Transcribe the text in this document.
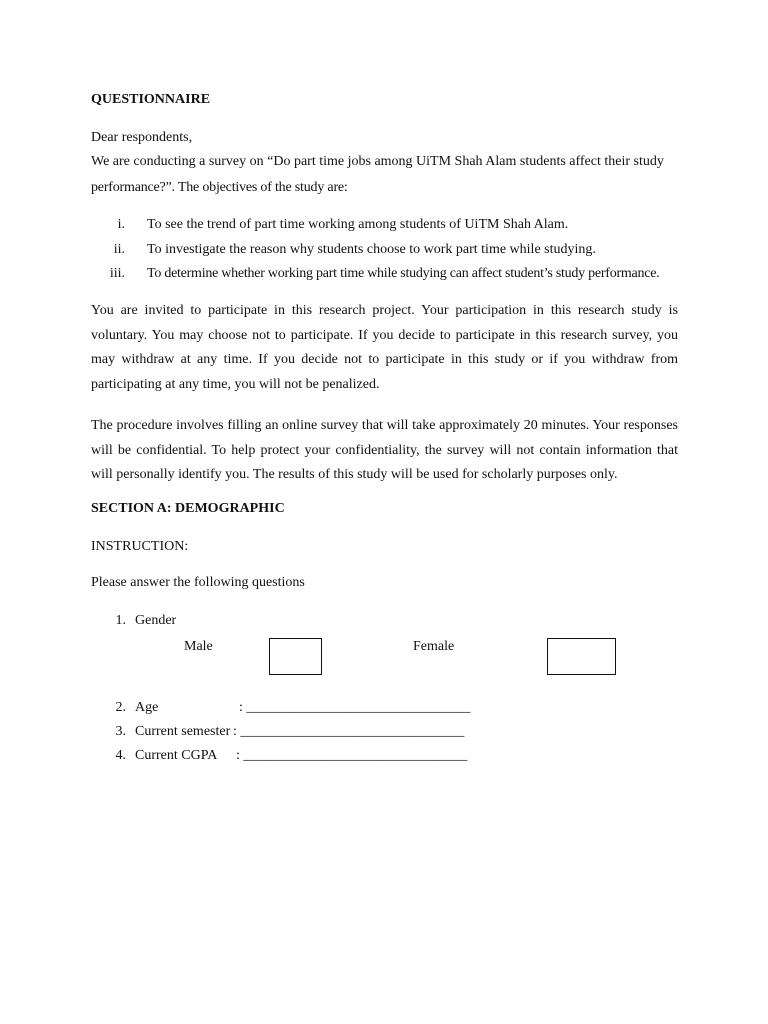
QUESTIONNAIRE
Dear respondents,
We are conducting a survey on “Do part time jobs among UiTM Shah Alam students affect their study
performance?”. The objectives of the study are:
i. To see the trend of part time working among students of UiTM Shah Alam.
ii. To investigate the reason why students choose to work part time while studying.
iii. To determine whether working part time while studying can affect student’s study performance.
You are invited to participate in this research project. Your participation in this research study is voluntary. You may choose not to participate. If you decide to participate in this research survey, you may withdraw at any time. If you decide not to participate in this study or if you withdraw from participating at any time, you will not be penalized.
The procedure involves filling an online survey that will take approximately 20 minutes. Your responses will be confidential. To help protect your confidentiality, the survey will not contain information that will personally identify you. The results of this study will be used for scholarly purposes only.
SECTION A: DEMOGRAPHIC
INSTRUCTION:
Please answer the following questions
1. Gender
Male	Female
2. Age	: ________________________________
3. Current semester : ________________________________
4. Current CGPA : ________________________________
